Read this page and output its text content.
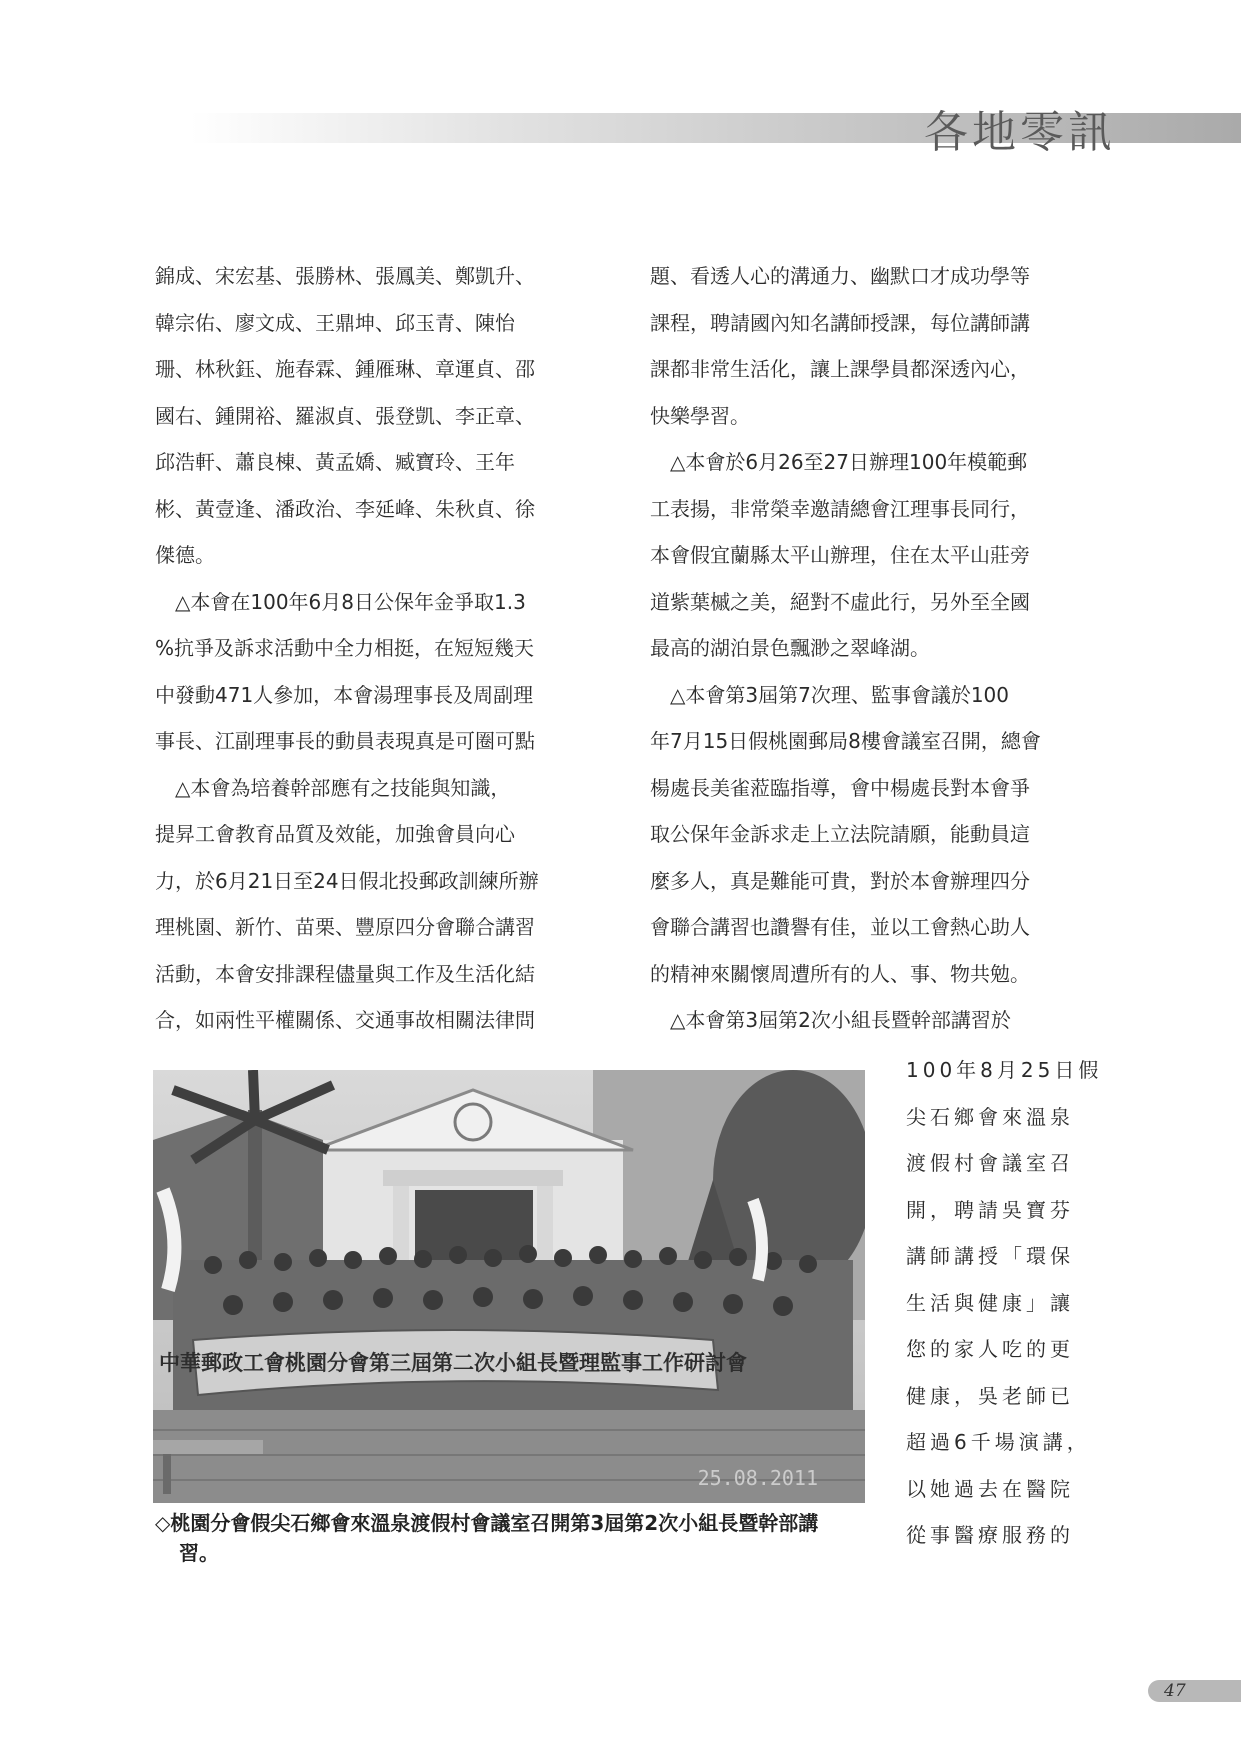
各地零訊

錦成、宋宏基、張勝林、張鳳美、鄭凱升、

韓宗佑、廖文成、王鼎坤、邱玉青、陳怡

珊、林秋鈺、施春霖、鍾雁琳、章運貞、邵

國右、鍾開裕、羅淑貞、張登凱、李正章、

邱浩軒、蕭良棟、黃孟嬌、臧寶玲、王年

彬、黃壹逢、潘政治、李延峰、朱秋貞、徐

傑德。

　△本會在100年6月8日公保年金爭取1.3

%抗爭及訴求活動中全力相挺，在短短幾天

中發動471人參加，本會湯理事長及周副理

事長、江副理事長的動員表現真是可圈可點

　△本會為培養幹部應有之技能與知識，

提昇工會教育品質及效能，加強會員向心

力，於6月21日至24日假北投郵政訓練所辦

理桃園、新竹、苗栗、豐原四分會聯合講習

活動，本會安排課程儘量與工作及生活化結

合，如兩性平權關係、交通事故相關法律問

題、看透人心的溝通力、幽默口才成功學等

課程，聘請國內知名講師授課，每位講師講

課都非常生活化，讓上課學員都深透內心，

快樂學習。

　△本會於6月26至27日辦理100年模範郵

工表揚，非常榮幸邀請總會江理事長同行，

本會假宜蘭縣太平山辦理，住在太平山莊旁

道紫葉槭之美，絕對不虛此行，另外至全國

最高的湖泊景色飄渺之翠峰湖。

　△本會第3屆第7次理、監事會議於100

年7月15日假桃園郵局8樓會議室召開，總會

楊處長美雀蒞臨指導，會中楊處長對本會爭

取公保年金訴求走上立法院請願，能動員這

麼多人，真是難能可貴，對於本會辦理四分

會聯合講習也讚譽有佳，並以工會熱心助人

的精神來關懷周遭所有的人、事、物共勉。

　△本會第3屆第2次小組長暨幹部講習於

100年8月25日假

尖石鄉會來溫泉

渡假村會議室召

開，聘請吳寶芬

講師講授「環保

生活與健康」讓

您的家人吃的更

健康，吳老師已

超過6千場演講，

以她過去在醫院

從事醫療服務的

中華郵政工會桃園分會第三屆第二次小組長暨理監事工作研討會
25.08.2011
◇桃園分會假尖石鄉會來溫泉渡假村會議室召開第3屆第2次小組長暨幹部講
習。
47
